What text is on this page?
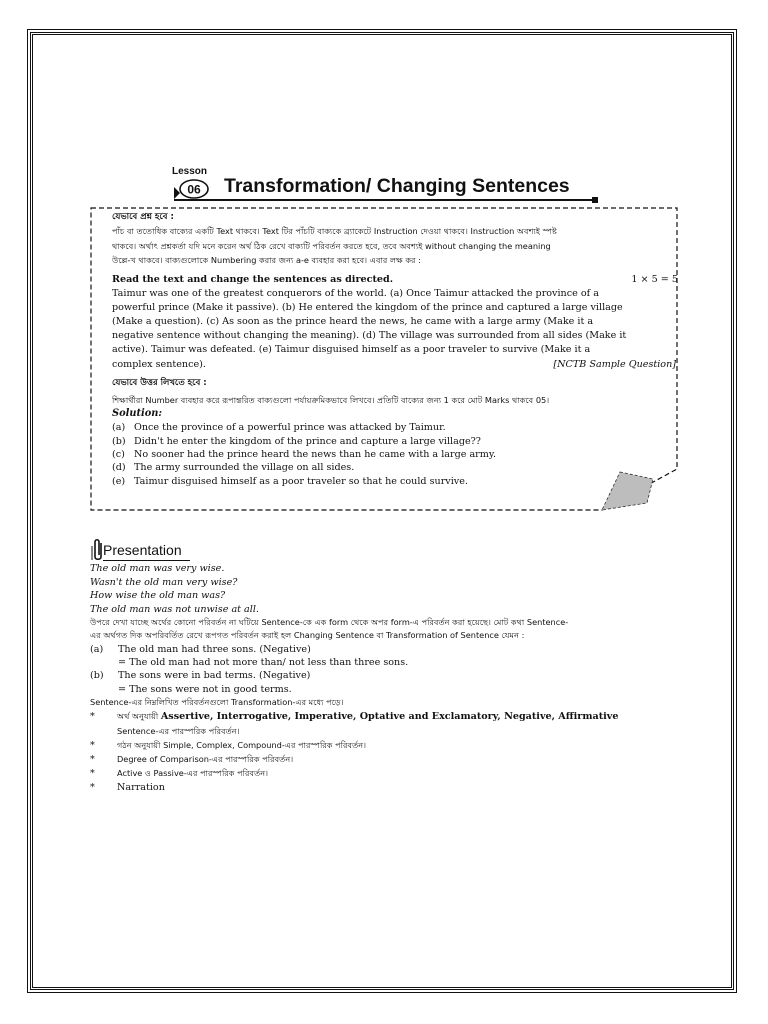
Lesson
06 Transformation/ Changing Sentences
যেভাবে প্রশ্ন হবে :
পাঁচ বা ততোধিক বাক্যের একটি Text থাকবে। Text টির পাঁচটি বাক্যকে ব্র্যাকেটে Instruction দেওয়া থাকবে। Instruction অবশ্যই স্পষ্ট
থাকবে। অর্থাৎ প্রশ্নকর্তা যদি মনে করেন অর্থ ঠিক রেখে বাক্যটি পরিবর্তন করতে হবে, তবে অবশ্যই without changing the meaning
উল্লে-খ থাকবে। বাক্যগুলোকে Numbering করার জন্য a-e ব্যবহার করা হবে। এবার লক্ষ কর :
Read the text and change the sentences as directed.	1 × 5 = 5
Taimur was one of the greatest conquerors of the world. (a) Once Taimur attacked the province of a
powerful prince (Make it passive). (b) He entered the kingdom of the prince and captured a large village
(Make a question). (c) As soon as the prince heard the news, he came with a large army (Make it a
negative sentence without changing the meaning). (d) The village was surrounded from all sides (Make it
active). Taimur was defeated. (e) Taimur disguised himself as a poor traveler to survive (Make it a
complex sentence).	[NCTB Sample Question]
যেভাবে উত্তর লিখতে হবে :
শিক্ষার্থীরা Number ব্যবহার করে রূপান্তরিত বাক্যগুলো পর্যায়ক্রমিকভাবে লিখবে। প্রতিটি বাক্যের জন্য 1 করে মোট Marks থাকবে 05।
Solution:
(a) Once the province of a powerful prince was attacked by Taimur.
(b) Didn't he enter the kingdom of the prince and capture a large village??
(c) No sooner had the prince heard the news than he came with a large army.
(d) The army surrounded the village on all sides.
(e) Taimur disguised himself as a poor traveler so that he could survive.
Presentation
The old man was very wise.
Wasn't the old man very wise?
How wise the old man was?
The old man was not unwise at all.
উপরে দেখা যাচ্ছে অর্থের কোনো পরিবর্তন না ঘটিয়ে Sentence-কে এক form থেকে অপর form-এ পরিবর্তন করা হয়েছে। মোট কথা Sentence-
এর অর্থগত দিক অপরিবর্তিত রেখে রূপগত পরিবর্তন করাই হল Changing Sentence বা Transformation of Sentence যেমন :
(a)	The old man had three sons. (Negative)
= The old man had not more than/ not less than three sons.
(b)	The sons were in bad terms. (Negative)
= The sons were not in good terms.
Sentence-এর নিম্নলিখিত পরিবর্তনগুলো Transformation-এর মধ্যে পড়ে।
*	অর্থ অনুযায়ী Assertive, Interrogative, Imperative, Optative and Exclamatory, Negative, Affirmative
Sentence-এর পারস্পরিক পরিবর্তন।
*	গঠন অনুযায়ী Simple, Complex, Compound-এর পারস্পরিক পরিবর্তন।
*	Degree of Comparison-এর পারস্পরিক পরিবর্তন।
*	Active ও Passive-এর পারস্পরিক পরিবর্তন।
*	Narration
